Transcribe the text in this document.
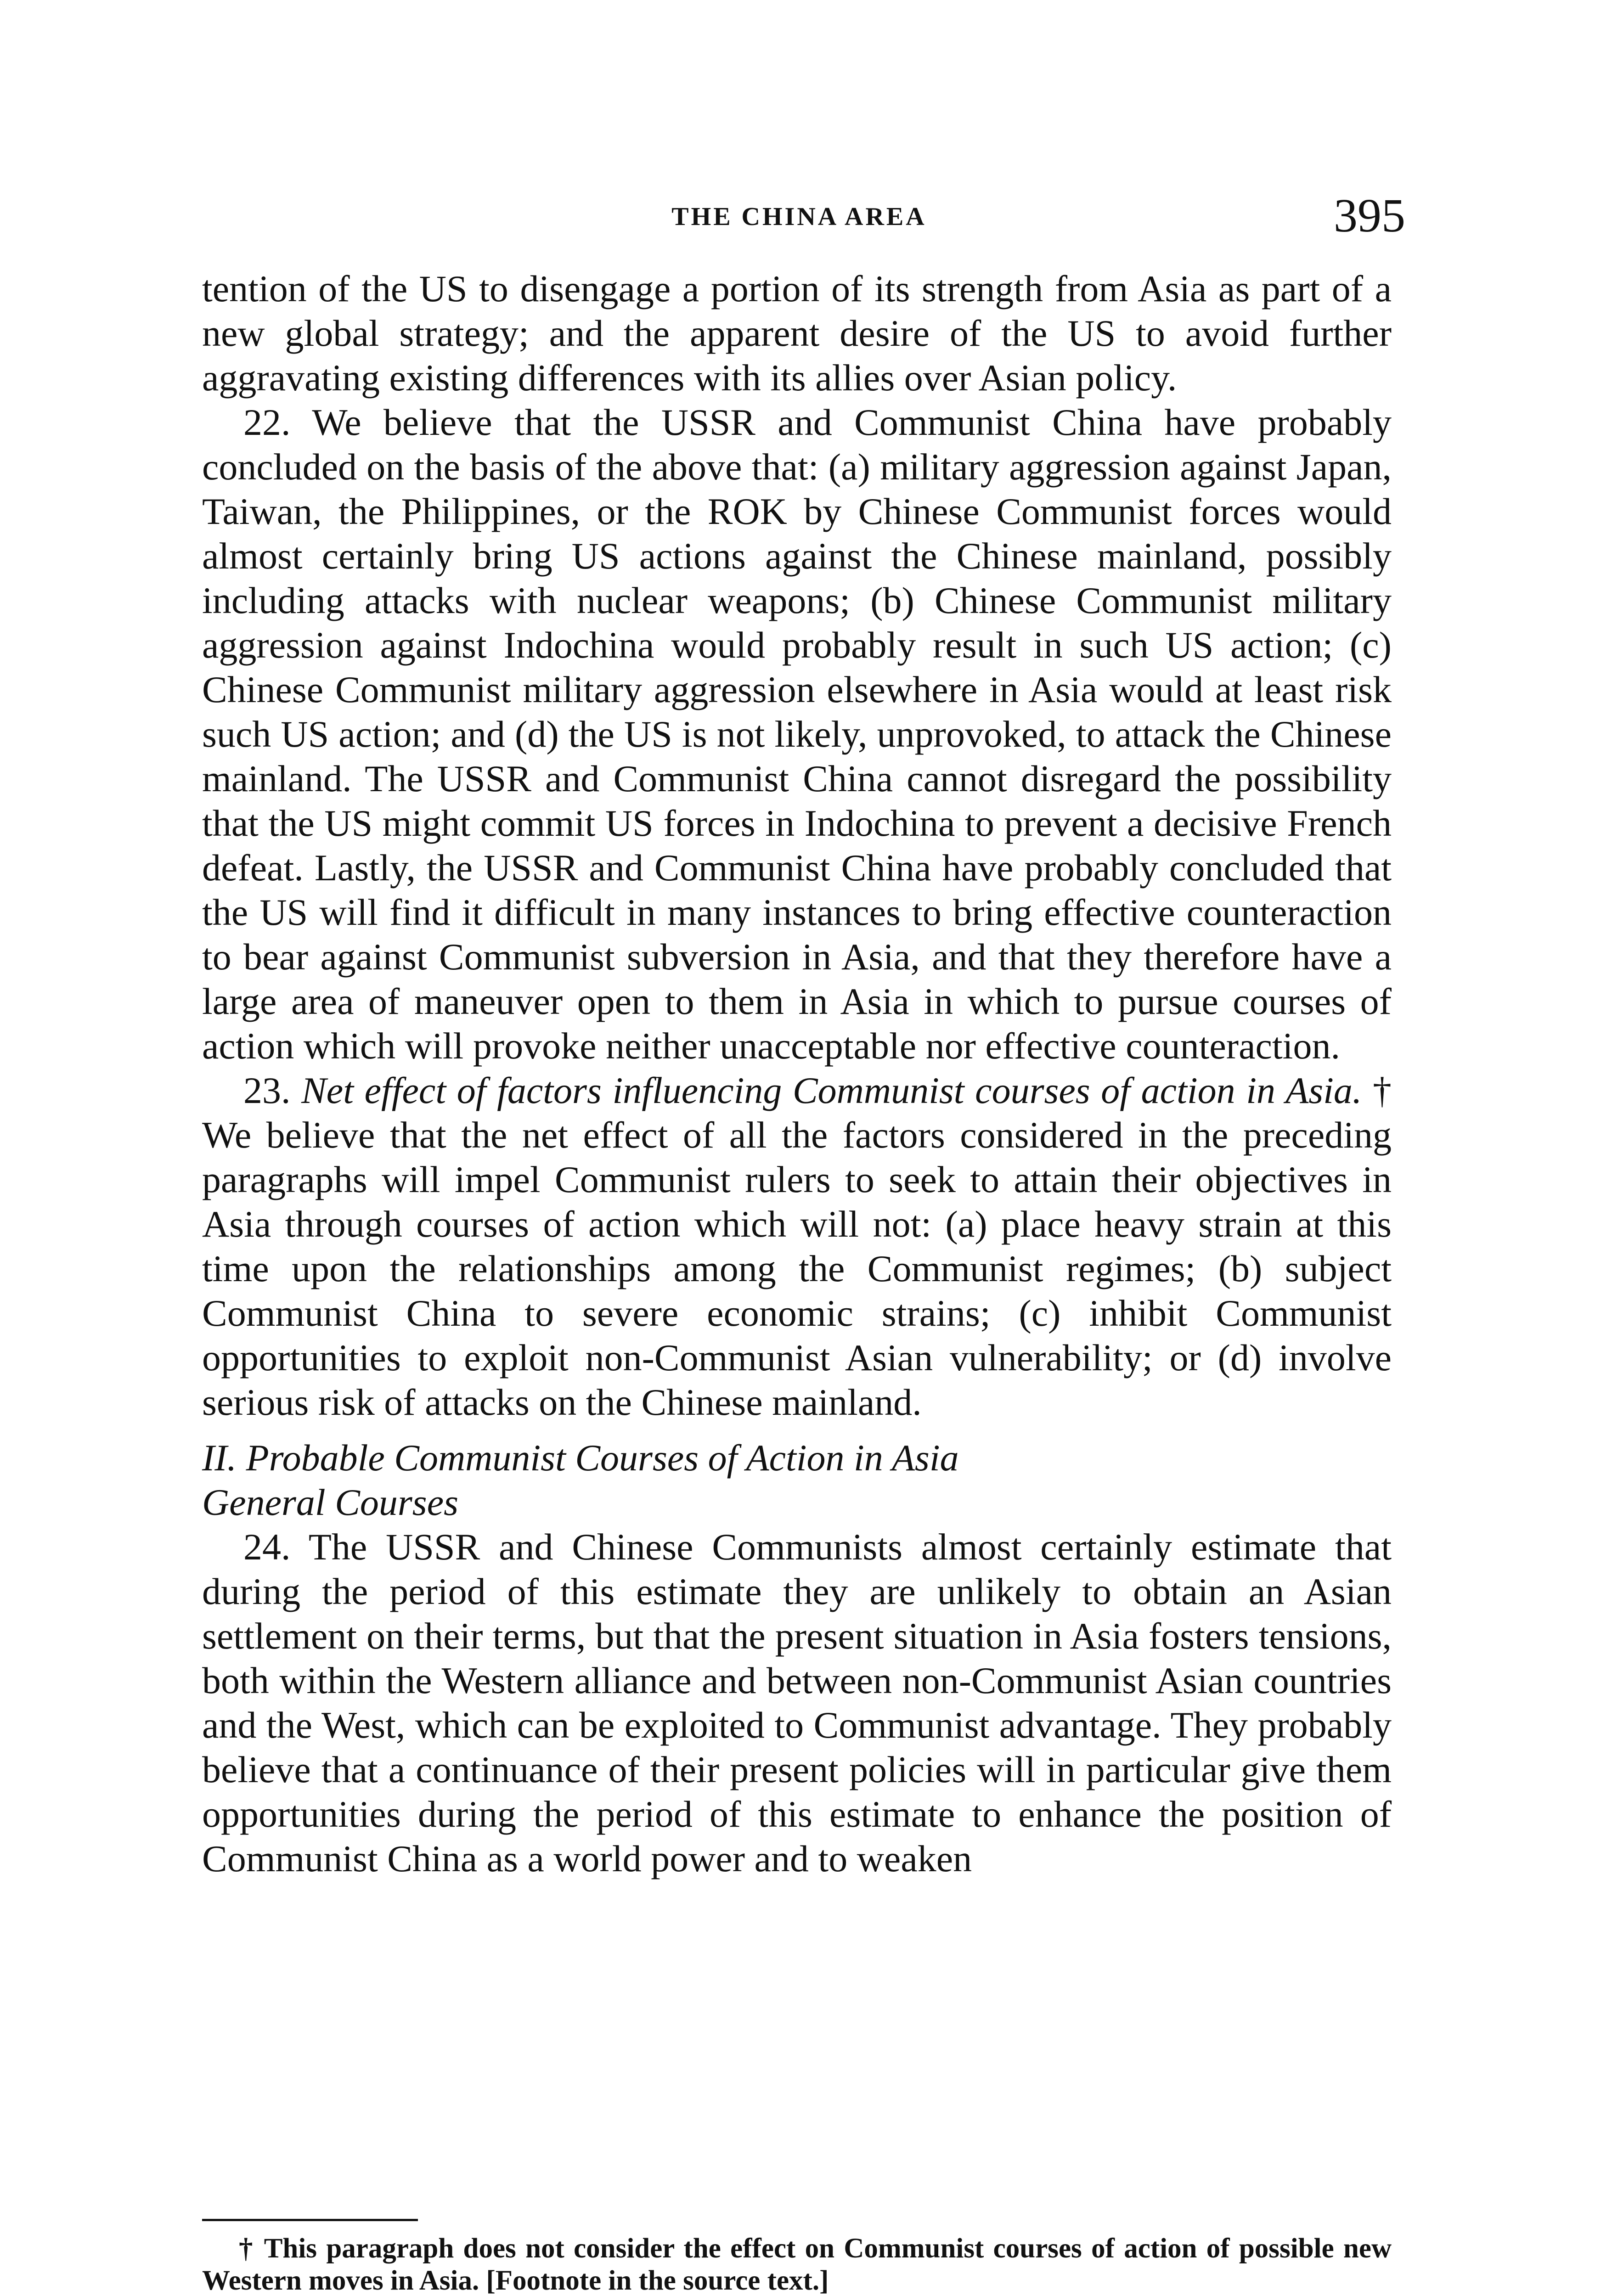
THE CHINA AREA	395

tention of the US to disengage a portion of its strength from Asia as part of a new global strategy; and the apparent desire of the US to avoid further aggravating existing differences with its allies over Asian policy.

22. We believe that the USSR and Communist China have probably concluded on the basis of the above that: (a) military aggression against Japan, Taiwan, the Philippines, or the ROK by Chinese Communist forces would almost certainly bring US actions against the Chinese mainland, possibly including attacks with nuclear weapons; (b) Chinese Communist military aggression against Indochina would probably result in such US action; (c) Chinese Communist military aggression elsewhere in Asia would at least risk such US action; and (d) the US is not likely, unprovoked, to attack the Chinese mainland. The USSR and Communist China cannot disregard the possibility that the US might commit US forces in Indochina to prevent a decisive French defeat. Lastly, the USSR and Communist China have probably concluded that the US will find it difficult in many instances to bring effective counteraction to bear against Communist subversion in Asia, and that they therefore have a large area of maneuver open to them in Asia in which to pursue courses of action which will provoke neither unacceptable nor effective counteraction.

23. Net effect of factors influencing Communist courses of action in Asia. † We believe that the net effect of all the factors considered in the preceding paragraphs will impel Communist rulers to seek to attain their objectives in Asia through courses of action which will not: (a) place heavy strain at this time upon the relationships among the Communist regimes; (b) subject Communist China to severe economic strains; (c) inhibit Communist opportunities to exploit non-Communist Asian vulnerability; or (d) involve serious risk of attacks on the Chinese mainland.

II. Probable Communist Courses of Action in Asia

General Courses

24. The USSR and Chinese Communists almost certainly estimate that during the period of this estimate they are unlikely to obtain an Asian settlement on their terms, but that the present situation in Asia fosters tensions, both within the Western alliance and between non-Communist Asian countries and the West, which can be exploited to Communist advantage. They probably believe that a continuance of their present policies will in particular give them opportunities during the period of this estimate to enhance the position of Communist China as a world power and to weaken

† This paragraph does not consider the effect on Communist courses of action of possible new Western moves in Asia. [Footnote in the source text.]
